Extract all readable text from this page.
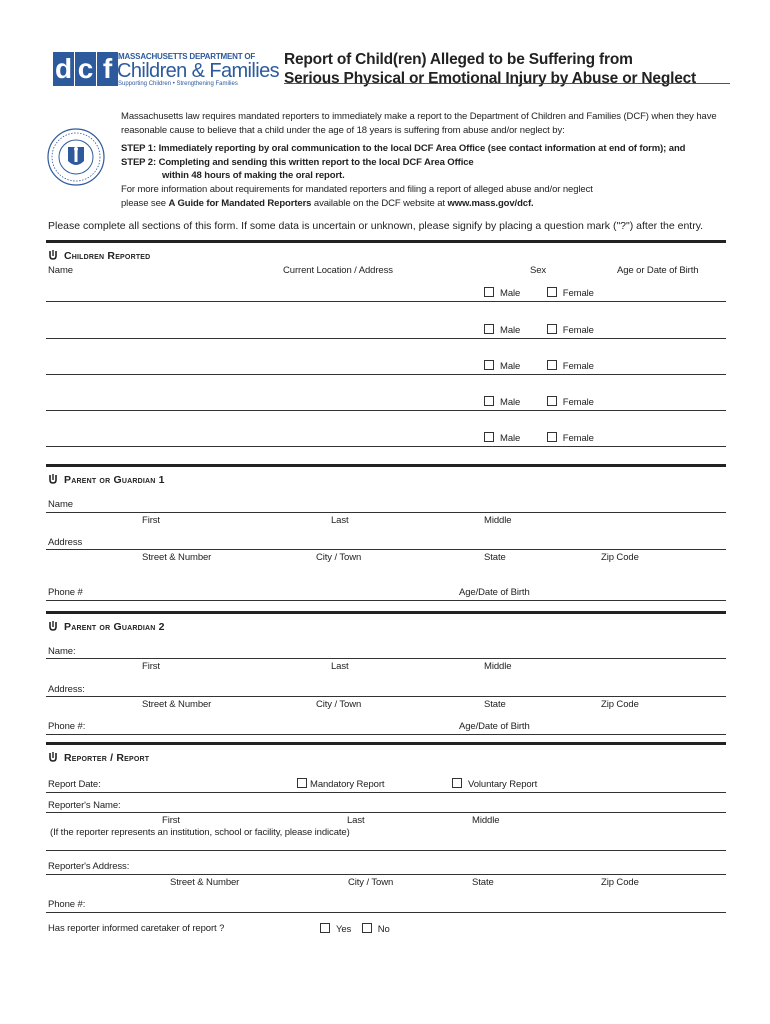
d c f MASSACHUSETTS DEPARTMENT OF
Children & Families
Supporting Children • Strengthening Families
Report of Child(ren) Alleged to be Suffering from
Serious Physical or Emotional Injury by Abuse or Neglect
Massachusetts law requires mandated reporters to immediately make a report to the Department of Children and Families (DCF) when they have reasonable cause to believe that a child under the age of 18 years is suffering from abuse and/or neglect by:
STEP 1: Immediately reporting by oral communication to the local DCF Area Office (see contact information at end of form); and
STEP 2: Completing and sending this written report to the local DCF Area Office
within 48 hours of making the oral report.
For more information about requirements for mandated reporters and filing a report of alleged abuse and/or neglect
please see A Guide for Mandated Reporters available on the DCF website at www.mass.gov/dcf.
Please complete all sections of this form. If some data is uncertain or unknown, please signify by placing a question mark ("?") after the entry.
Children Reported
Name	Current Location / Address	Sex	Age or Date of Birth
Male	Female
Male	Female
Male	Female
Male	Female
Male	Female
Parent or Guardian 1
Name
First	Last	Middle
Address
Street & Number	City / Town	State	Zip Code
Phone #	Age/Date of Birth
Parent or Guardian 2
Name:
First	Last	Middle
Address:
Street & Number	City / Town	State	Zip Code
Phone #:	Age/Date of Birth
Reporter / Report
Report Date:	Mandatory Report	Voluntary Report
Reporter's Name:
First	Last	Middle
(If the reporter represents an institution, school or facility, please indicate)
Reporter's Address:
Street & Number	City / Town	State	Zip Code
Phone #:
Has reporter informed caretaker of report ?	Yes	No
